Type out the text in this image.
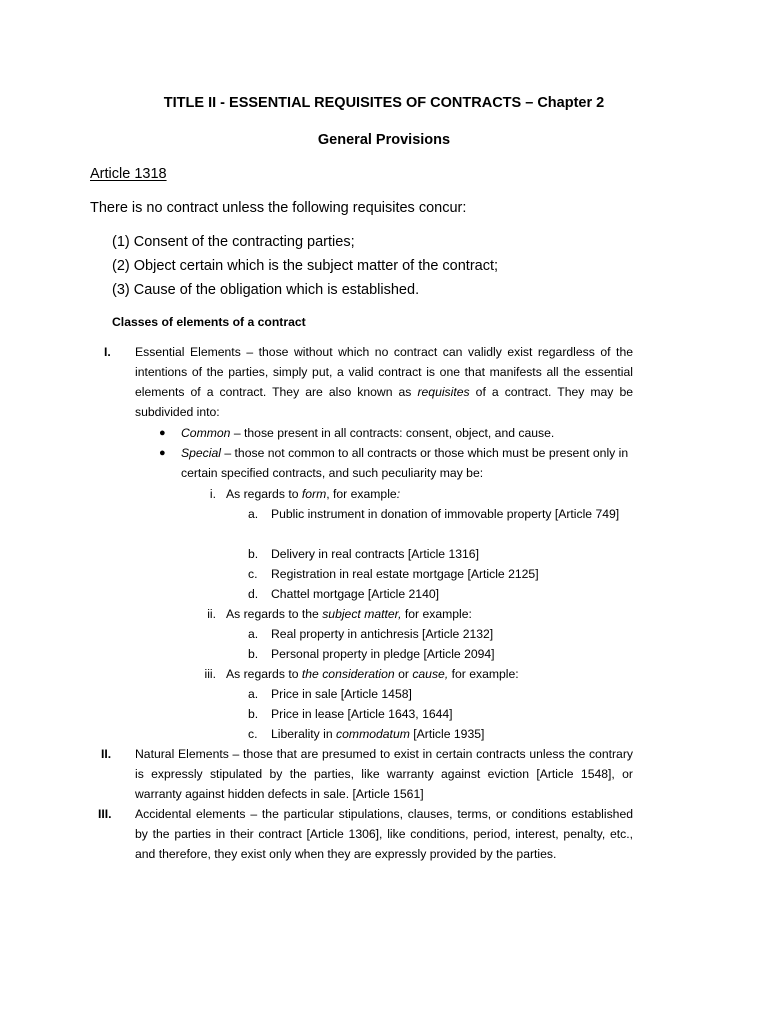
TITLE II - ESSENTIAL REQUISITES OF CONTRACTS – Chapter 2
General Provisions
Article 1318
There is no contract unless the following requisites concur:
(1) Consent of the contracting parties;
(2) Object certain which is the subject matter of the contract;
(3) Cause of the obligation which is established.
Classes of elements of a contract
I. Essential Elements – those without which no contract can validly exist regardless of the intentions of the parties, simply put, a valid contract is one that manifests all the essential elements of a contract. They are also known as requisites of a contract. They may be subdivided into:
● Common – those present in all contracts: consent, object, and cause.
● Special – those not common to all contracts or those which must be present only in certain specified contracts, and such peculiarity may be:
i. As regards to form, for example:
a. Public instrument in donation of immovable property [Article 749]
b. Delivery in real contracts [Article 1316]
c. Registration in real estate mortgage [Article 2125]
d. Chattel mortgage [Article 2140]
ii. As regards to the subject matter, for example:
a. Real property in antichresis [Article 2132]
b. Personal property in pledge [Article 2094]
iii. As regards to the consideration or cause, for example:
a. Price in sale [Article 1458]
b. Price in lease [Article 1643, 1644]
c. Liberality in commodatum [Article 1935]
II. Natural Elements – those that are presumed to exist in certain contracts unless the contrary is expressly stipulated by the parties, like warranty against eviction [Article 1548], or warranty against hidden defects in sale. [Article 1561]
III. Accidental elements – the particular stipulations, clauses, terms, or conditions established by the parties in their contract [Article 1306], like conditions, period, interest, penalty, etc., and therefore, they exist only when they are expressly provided by the parties.
